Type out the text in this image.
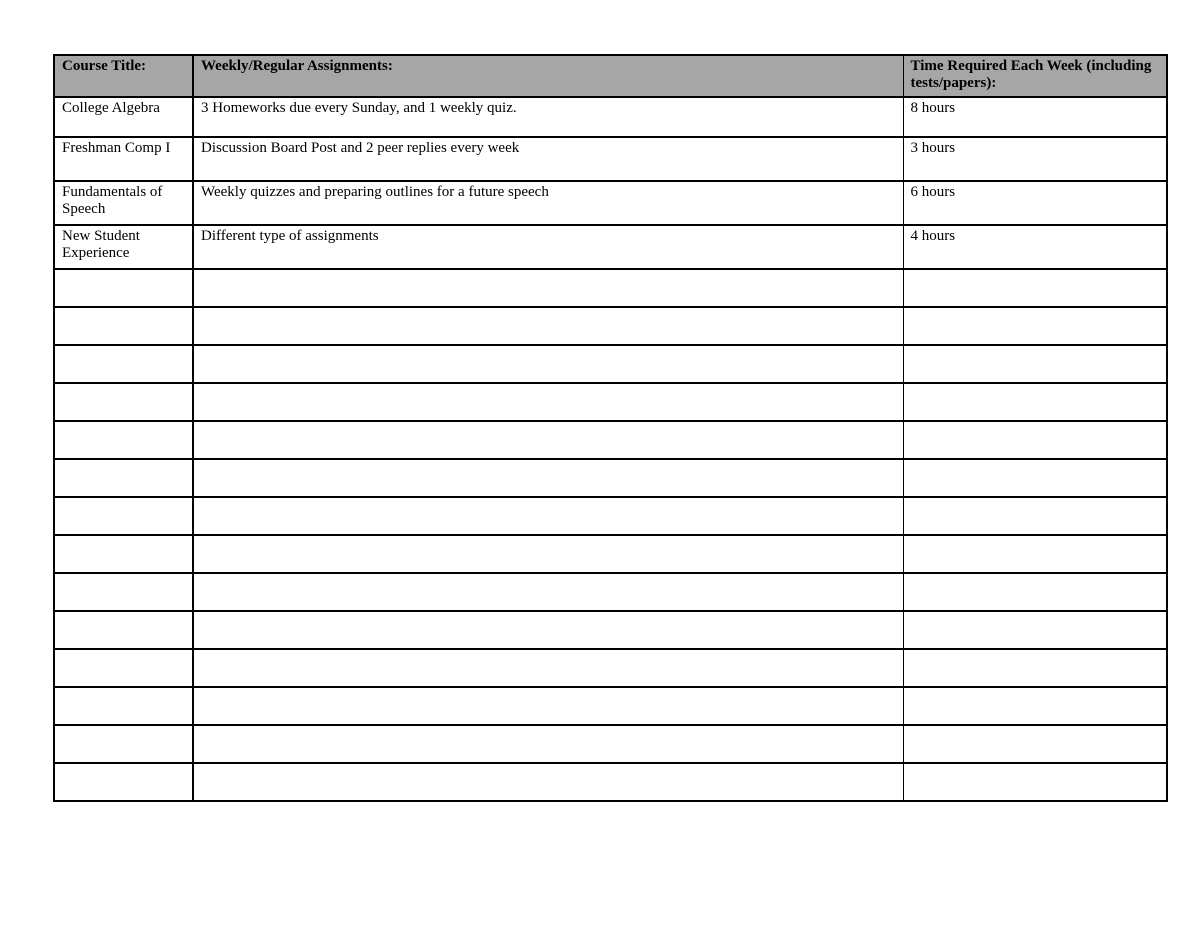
Course Title:	Weekly/Regular Assignments:	Time Required Each Week (including tests/papers):
College Algebra	3 Homeworks due every Sunday, and 1 weekly quiz.	8 hours
Freshman Comp I	Discussion Board Post and 2 peer replies every week	3 hours
Fundamentals of Speech	Weekly quizzes and preparing outlines for a future speech	6 hours
New Student Experience	Different type of assignments	4 hours
